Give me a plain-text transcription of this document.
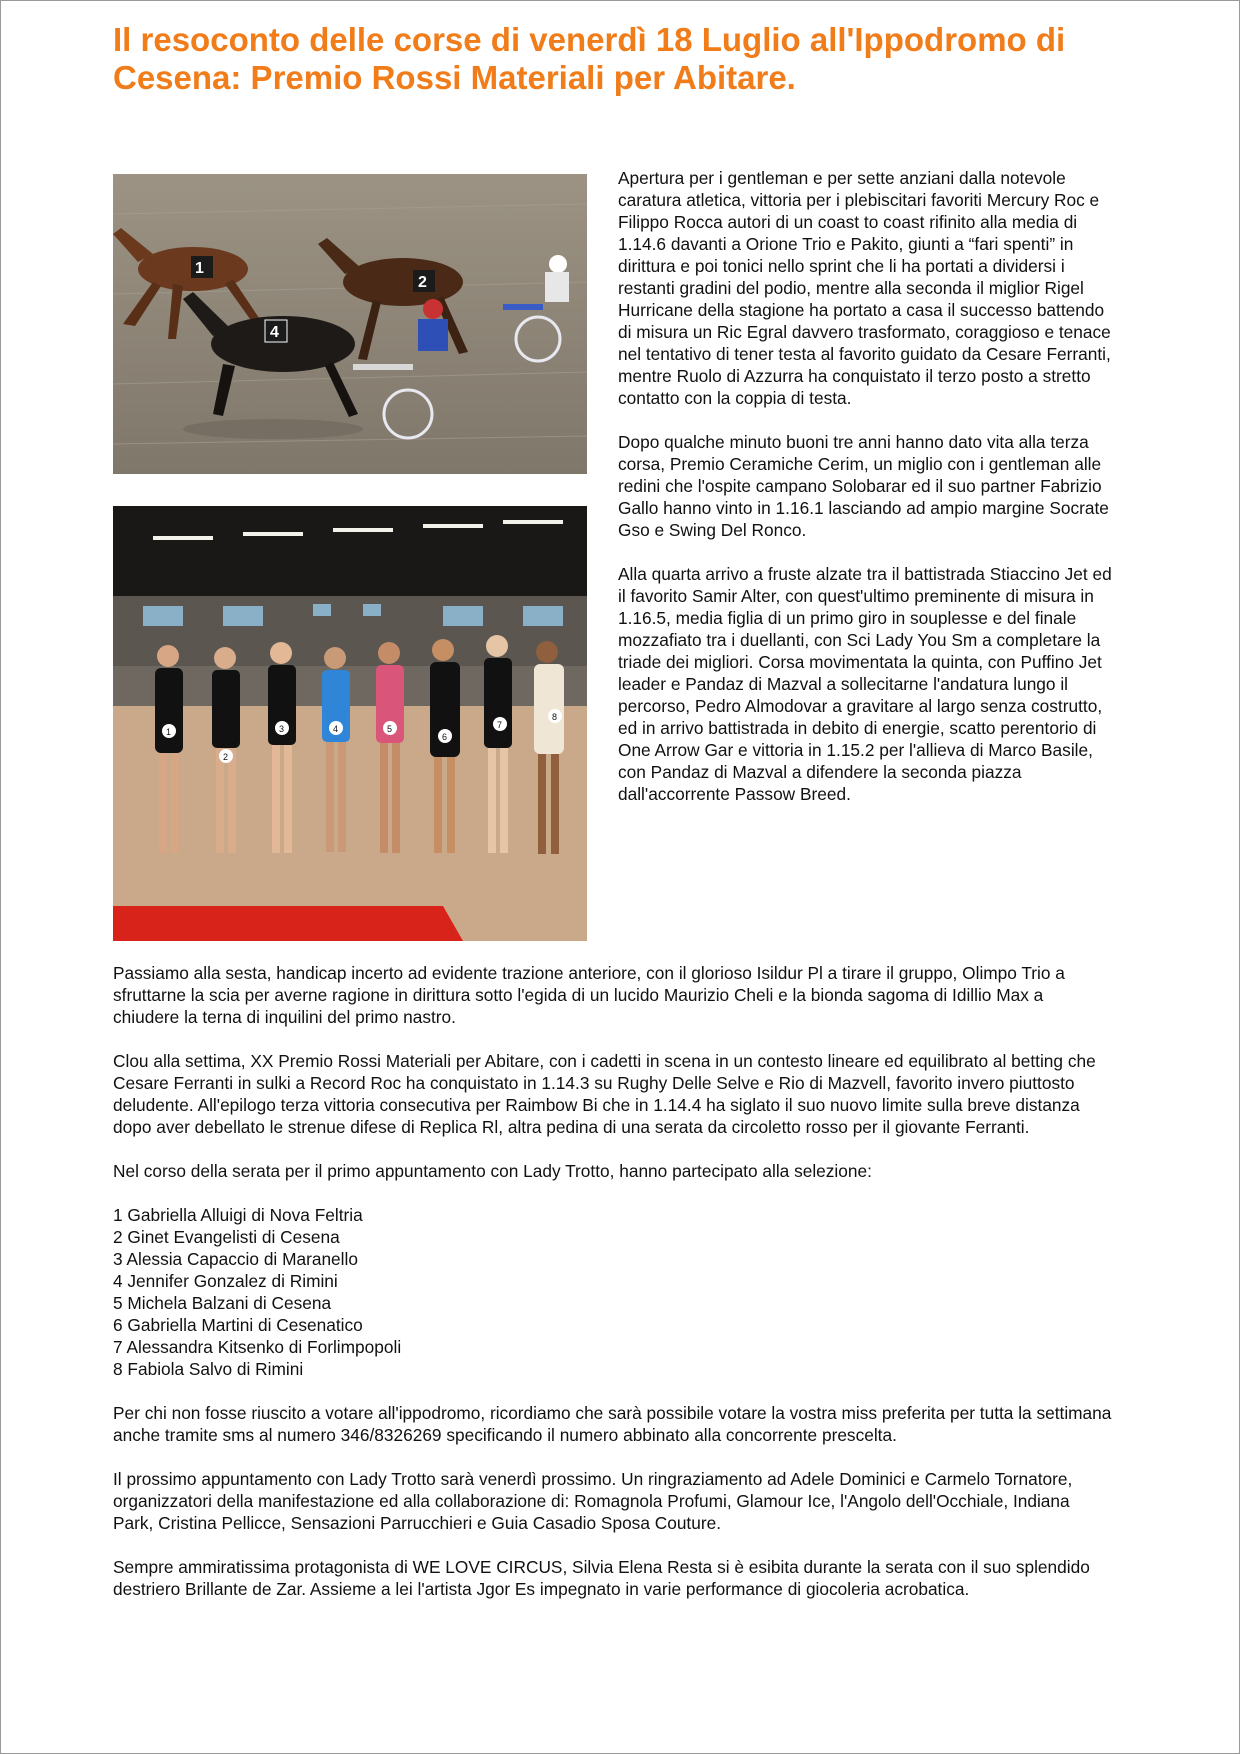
Il resoconto delle corse di venerdì 18 Luglio all'Ippodromo di Cesena: Premio Rossi Materiali per Abitare.
1
2
4
1
2
3	4	5
6
7
8

Apertura per i gentleman e per sette anziani dalla notevole caratura atletica, vittoria per i plebiscitari favoriti Mercury Roc e Filippo Rocca autori di un coast to coast rifinito alla media di 1.14.6 davanti a Orione Trio e Pakito, giunti a “fari spenti” in dirittura e poi tonici nello sprint che li ha portati a dividersi i restanti gradini del podio, mentre alla seconda il miglior Rigel Hurricane della stagione ha portato a casa il successo battendo di misura un Ric Egral davvero trasformato, coraggioso e tenace nel tentativo di tener testa al favorito guidato da Cesare Ferranti, mentre Ruolo di Azzurra ha conquistato il terzo posto a stretto contatto con la coppia di testa.

Dopo qualche minuto buoni tre anni hanno dato vita alla terza corsa, Premio Ceramiche Cerim, un miglio con i gentleman alle redini che l'ospite campano Solobarar ed il suo partner Fabrizio Gallo hanno vinto in 1.16.1 lasciando ad ampio margine Socrate Gso e Swing Del Ronco.

Alla quarta arrivo a fruste alzate tra il battistrada Stiaccino Jet ed il favorito Samir Alter, con quest'ultimo preminente di misura in 1.16.5, media figlia di un primo giro in souplesse e del finale mozzafiato tra i duellanti, con Sci Lady You Sm a completare la triade dei migliori. Corsa movimentata la quinta, con Puffino Jet leader e Pandaz di Mazval a sollecitarne l'andatura lungo il percorso, Pedro Almodovar a gravitare al largo senza costrutto, ed in arrivo battistrada in debito di energie, scatto perentorio di One Arrow Gar e vittoria in 1.15.2 per l'allieva di Marco Basile, con Pandaz di Mazval a difendere la seconda piazza dall'accorrente Passow Breed.

Passiamo alla sesta, handicap incerto ad evidente trazione anteriore, con il glorioso Isildur Pl a tirare il gruppo, Olimpo Trio a sfruttarne la scia per averne ragione in dirittura sotto l'egida di un lucido Maurizio Cheli e la bionda sagoma di Idillio Max a chiudere la terna di inquilini del primo nastro.

Clou alla settima, XX Premio Rossi Materiali per Abitare, con i cadetti in scena in un contesto lineare ed equilibrato al betting che Cesare Ferranti in sulki a Record Roc ha conquistato in 1.14.3 su Rughy Delle Selve e Rio di Mazvell, favorito invero piuttosto deludente. All'epilogo terza vittoria consecutiva per Raimbow Bi che in 1.14.4 ha siglato il suo nuovo limite sulla breve distanza dopo aver debellato le strenue difese di Replica Rl, altra pedina di una serata da circoletto rosso per il giovante Ferranti.

Nel corso della serata per il primo appuntamento con Lady Trotto, hanno partecipato alla selezione:

1 Gabriella Alluigi di Nova Feltria
2 Ginet Evangelisti di Cesena
3 Alessia Capaccio di Maranello
4 Jennifer Gonzalez di Rimini
5 Michela Balzani di Cesena
6 Gabriella Martini di Cesenatico
7 Alessandra Kitsenko di Forlimpopoli
8 Fabiola Salvo di Rimini

Per chi non fosse riuscito a votare all'ippodromo, ricordiamo che sarà possibile votare la vostra miss preferita per tutta la settimana anche tramite sms al numero 346/8326269 specificando il numero abbinato alla concorrente prescelta.

Il prossimo appuntamento con Lady Trotto sarà venerdì prossimo. Un ringraziamento ad Adele Dominici e Carmelo Tornatore, organizzatori della manifestazione ed alla collaborazione di: Romagnola Profumi, Glamour Ice, l'Angolo dell'Occhiale, Indiana Park, Cristina Pellicce, Sensazioni Parrucchieri e Guia Casadio Sposa Couture.

Sempre ammiratissima protagonista di WE LOVE CIRCUS, Silvia Elena Resta si è esibita durante la serata con il suo splendido destriero Brillante de Zar. Assieme a lei l'artista Jgor Es impegnato in varie performance di giocoleria acrobatica.
